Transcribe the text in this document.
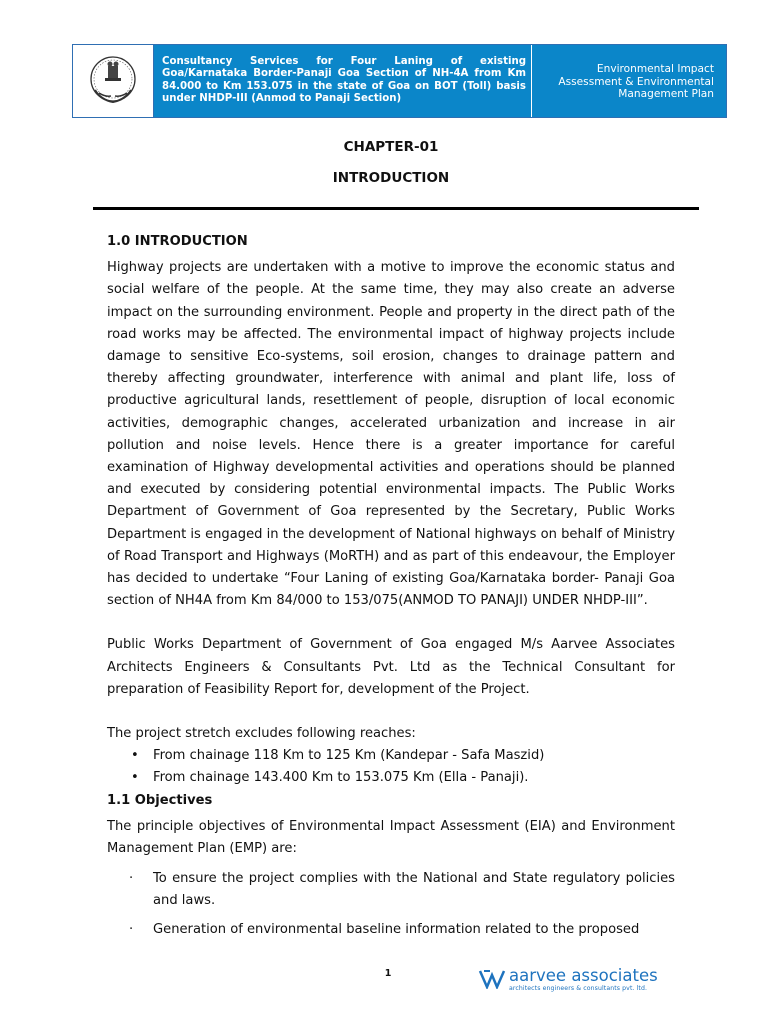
Consultancy Services for Four Laning of existing Goa/Karnataka Border-Panaji Goa Section of NH-4A from Km 84.000 to Km 153.075 in the state of Goa on BOT (Toll) basis under NHDP-III (Anmod to Panaji Section)
Environmental Impact Assessment & Environmental Management Plan
CHAPTER-01
INTRODUCTION
1.0 INTRODUCTION

Highway projects are undertaken with a motive to improve the economic status and social welfare of the people. At the same time, they may also create an adverse impact on the surrounding environment. People and property in the direct path of the road works may be affected. The environmental impact of highway projects include damage to sensitive Eco-systems, soil erosion, changes to drainage pattern and thereby affecting groundwater, interference with animal and plant life, loss of productive agricultural lands, resettlement of people, disruption of local economic activities, demographic changes, accelerated urbanization and increase in air pollution and noise levels. Hence there is a greater importance for careful examination of Highway developmental activities and operations should be planned and executed by considering potential environmental impacts. The Public Works Department of Government of Goa represented by the Secretary, Public Works Department is engaged in the development of National highways on behalf of Ministry of Road Transport and Highways (MoRTH) and as part of this endeavour, the Employer has decided to undertake “Four Laning of existing Goa/Karnataka border- Panaji Goa section of NH4A from Km 84/000 to 153/075(ANMOD TO PANAJI) UNDER NHDP-III”.

Public Works Department of Government of Goa engaged M/s Aarvee Associates Architects Engineers & Consultants Pvt. Ltd as the Technical Consultant for preparation of Feasibility Report for, development of the Project.

The project stretch excludes following reaches:

• From chainage 118 Km to 125 Km (Kandepar - Safa Maszid)
• From chainage 143.400 Km to 153.075 Km (Ella - Panaji).
1.1 Objectives

The principle objectives of Environmental Impact Assessment (EIA) and Environment Management Plan (EMP) are:

· To ensure the project complies with the National and State regulatory policies and laws.
· Generation of environmental baseline information related to the proposed
1	aarvee associates
architects engineers & consultants pvt. ltd.
